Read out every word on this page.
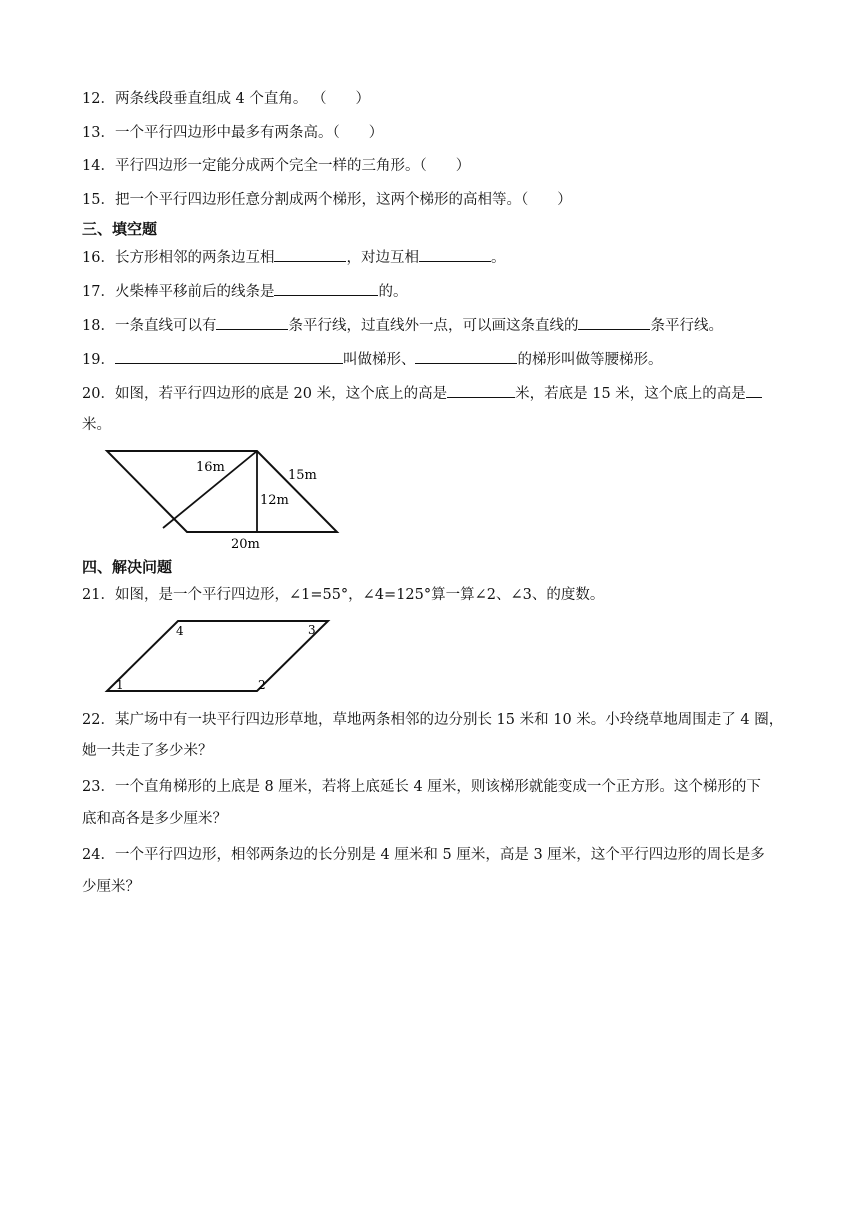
12．两条线段垂直组成 4 个直角。 （　　）
13．一个平行四边形中最多有两条高。（　　）
14．平行四边形一定能分成两个完全一样的三角形。（　　）
15．把一个平行四边形任意分割成两个梯形，这两个梯形的高相等。（　　）
三、填空题
16．长方形相邻的两条边互相	，对边互相	。
17．火柴棒平移前后的线条是	的。
18．一条直线可以有	条平行线，过直线外一点，可以画这条直线的	条平行线。
19．	叫做梯形、	的梯形叫做等腰梯形。
20．如图，若平行四边形的底是 20 米，这个底上的高是	米，若底是 15 米，这个底上的高是
米。
16m
15m
12m
20m
四、解决问题
21．如图，是一个平行四边形，∠1=55°，∠4=125°算一算∠2、∠3、的度数。
4	3
1	2
22．某广场中有一块平行四边形草地，草地两条相邻的边分别长 15 米和 10 米。小玲绕草地周围走了 4 圈，
她一共走了多少米？
23．一个直角梯形的上底是 8 厘米，若将上底延长 4 厘米，则该梯形就能变成一个正方形。这个梯形的下
底和高各是多少厘米？
24．一个平行四边形，相邻两条边的长分别是 4 厘米和 5 厘米，高是 3 厘米，这个平行四边形的周长是多
少厘米？
